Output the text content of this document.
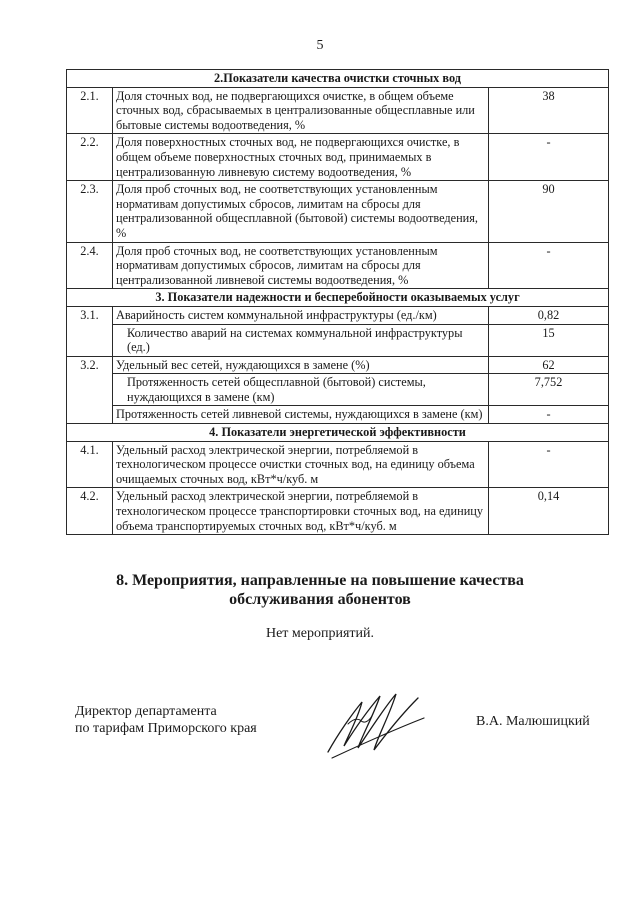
5
2.Показатели качества очистки сточных вод		
2.1.	Доля сточных вод, не подвергающихся очистке, в общем объеме сточных вод, сбрасываемых в централизованные общесплавные или бытовые системы водоотведения, %	38
2.2.	Доля поверхностных сточных вод, не подвергающихся очистке, в общем объеме поверхностных сточных вод, принимаемых в централизованную ливневую систему водоотведения, %	-
2.3.	Доля проб сточных вод, не соответствующих установленным нормативам допустимых сбросов, лимитам на сбросы для централизованной общесплавной (бытовой) системы водоотведения, %	90
2.4.	Доля проб сточных вод, не соответствующих установленным нормативам допустимых сбросов, лимитам на сбросы для централизованной ливневой системы водоотведения, %	-
3. Показатели надежности и бесперебойности оказываемых услуг		
3.1.	Аварийность систем коммунальной инфраструктуры (ед./км)	0,82
	Количество аварий на системах коммунальной инфраструктуры (ед.)	15
3.2.	Удельный вес сетей, нуждающихся в замене (%)	62
	Протяженность сетей общесплавной (бытовой) системы, нуждающихся в замене (км)	7,752
	Протяженность сетей ливневой системы, нуждающихся в замене (км)	-
4. Показатели энергетической эффективности		
4.1.	Удельный расход электрической энергии, потребляемой в технологическом процессе очистки сточных вод, на единицу объема очищаемых сточных вод, кВт*ч/куб. м	-
4.2.	Удельный расход электрической энергии, потребляемой в технологическом процессе транспортировки сточных вод, на единицу объема транспортируемых сточных вод, кВт*ч/куб. м	0,14
8. Мероприятия, направленные на повышение качества
обслуживания абонентов
Нет мероприятий.
Директор департамента
по тарифам Приморского края	В.А. Малюшицкий
